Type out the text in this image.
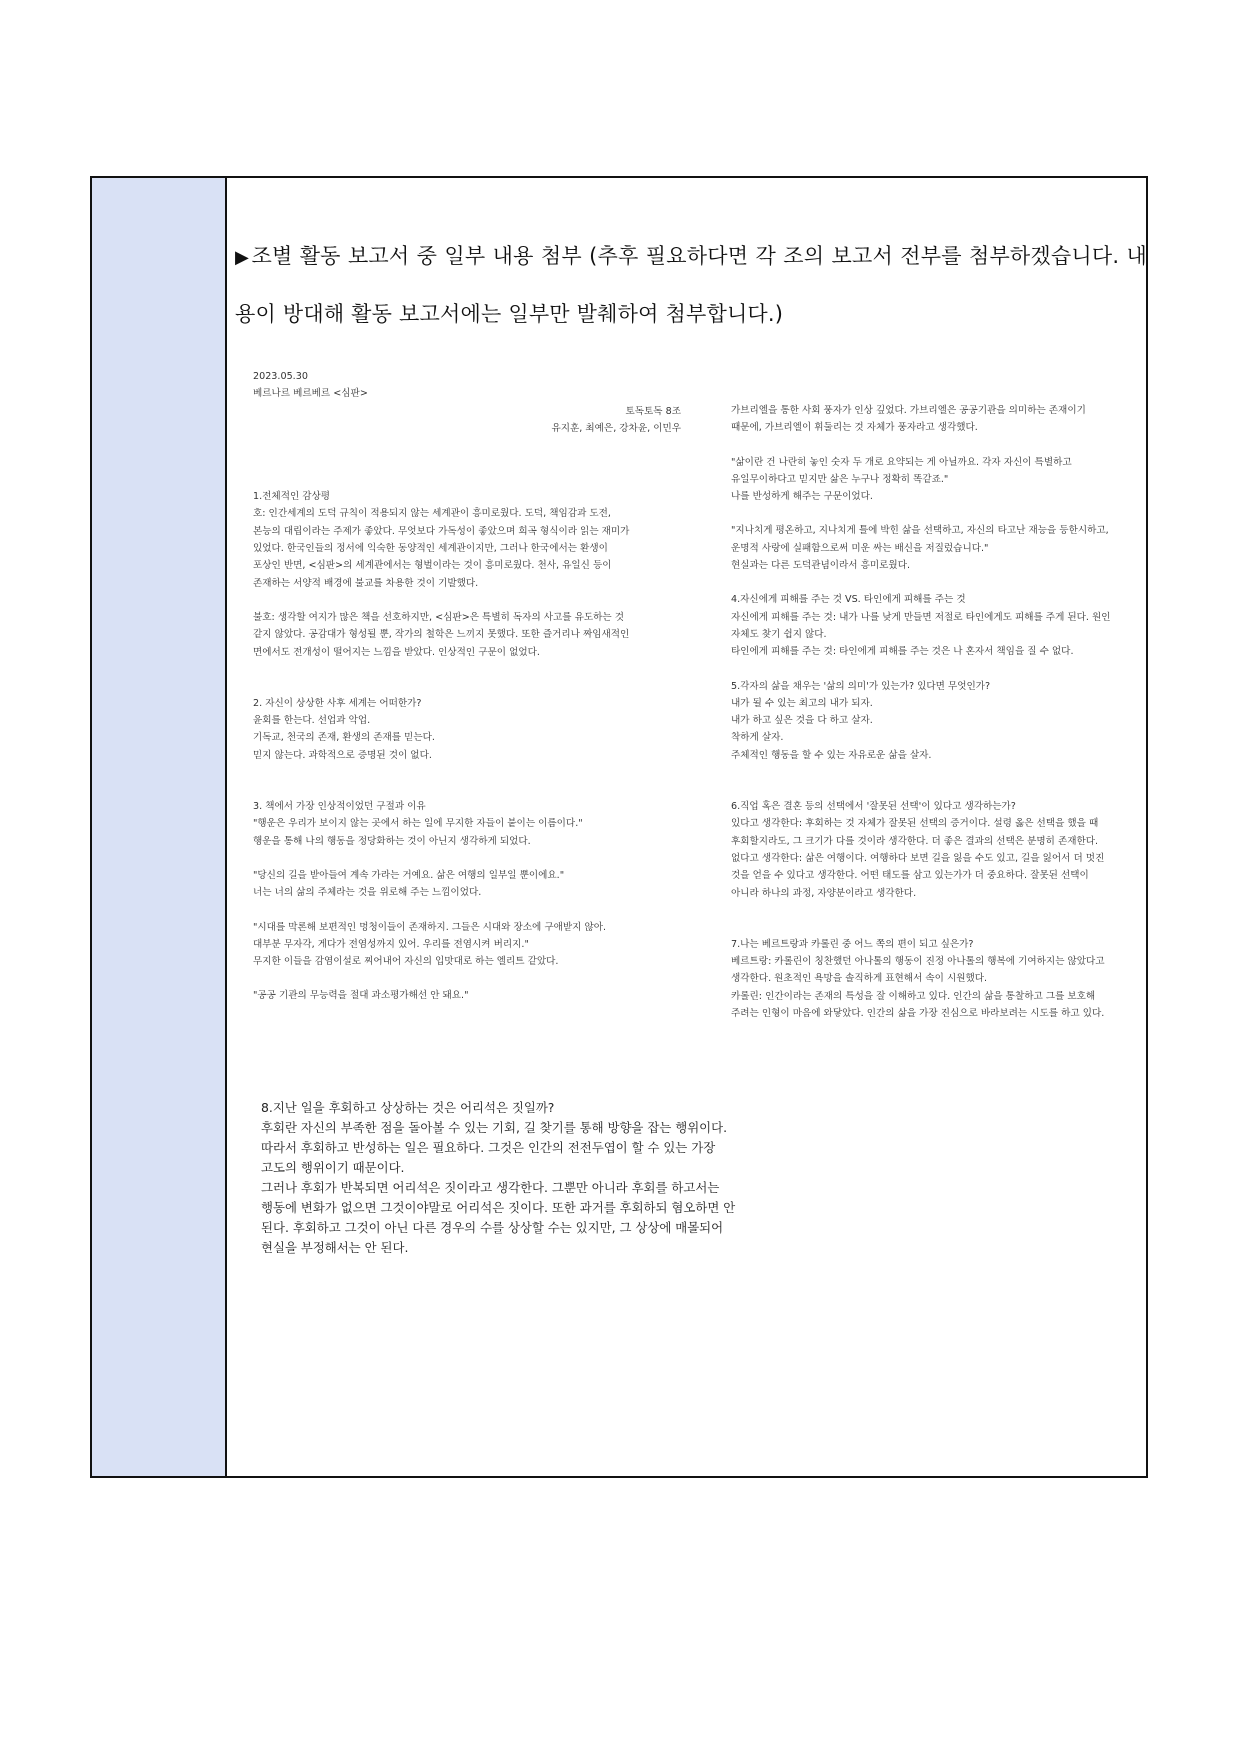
▶조별 활동 보고서 중 일부 내용 첨부 (추후 필요하다면 각 조의 보고서 전부를 첨부하겠습니다. 내용이 방대해 활동 보고서에는 일부만 발췌하여 첨부합니다.)

2023.05.30

베르나르 베르베르 <심판>

토독토독 8조

유지훈, 최예은, 강차윤, 이민우

1.전체적인 감상평
호: 인간세계의 도덕 규칙이 적용되지 않는 세계관이 흥미로웠다. 도덕, 책임감과 도전,
본능의 대립이라는 주제가 좋았다. 무엇보다 가독성이 좋았으며 희곡 형식이라 읽는 재미가
있었다. 한국인들의 정서에 익숙한 동양적인 세계관이지만, 그러나 한국에서는 환생이
포상인 반면, <심판>의 세계관에서는 형벌이라는 것이 흥미로웠다. 천사, 유일신 등이
존재하는 서양적 배경에 불교를 차용한 것이 기발했다.

불호: 생각할 여지가 많은 책을 선호하지만, <심판>은 특별히 독자의 사고를 유도하는 것
같지 않았다. 공감대가 형성될 뿐, 작가의 철학은 느끼지 못했다. 또한 즐거리나 짜임새적인
면에서도 전개성이 떨어지는 느낌을 받았다. 인상적인 구문이 없었다.

2. 자신이 상상한 사후 세계는 어떠한가?
윤회를 한는다. 선업과 악업.
기독교, 천국의 존재, 환생의 존재를 믿는다.
믿지 않는다. 과학적으로 증명된 것이 없다.

3. 책에서 가장 인상적이었던 구절과 이유
"행운은 우리가 보이지 않는 곳에서 하는 일에 무지한 자들이 붙이는 이름이다."
행운을 통해 나의 행동을 정당화하는 것이 아닌지 생각하게 되었다.

"당신의 길을 받아들여 계속 가라는 거예요. 삶은 여행의 일부일 뿐이에요."
너는 너의 삶의 주체라는 것을 위로해 주는 느낌이었다.

"시대를 막론해 보편적인 멍청이들이 존재하지. 그들은 시대와 장소에 구애받지 않아.
대부분 무자각, 게다가 전염성까지 있어. 우리를 전염시켜 버리지."
무지한 이들을 감염이설로 찌어내어 자신의 입맛대로 하는 엘리트 같았다.

"공공 기관의 무능력을 절대 과소평가해선 안 돼요."

가브리엘을 통한 사회 풍자가 인상 깊었다. 가브리엘은 공공기관을 의미하는 존재이기
때문에, 가브리엘이 휘둘리는 것 자체가 풍자라고 생각했다.

"삶이란 건 나란히 놓인 숫자 두 개로 요약되는 게 아닐까요. 각자 자신이 특별하고
유일무이하다고 믿지만 삶은 누구나 정확히 똑같죠."
나를 반성하게 해주는 구문이었다.

"지나치게 평온하고, 지나치게 틀에 박힌 삶을 선택하고, 자신의 타고난 재능을 등한시하고,
운명적 사랑에 실패함으로써 미운 싸는 배신을 저질렀습니다."
현실과는 다른 도덕관념이라서 흥미로웠다.

4.자신에게 피해를 주는 것 VS. 타인에게 피해를 주는 것
자신에게 피해를 주는 것: 내가 나를 낮게 만들면 저절로 타인에게도 피해를 주게 된다. 원인
자체도 찾기 쉽지 않다.
타인에게 피해를 주는 것: 타인에게 피해를 주는 것은 나 혼자서 책임을 질 수 없다.

5.각자의 삶을 채우는 '삶의 의미'가 있는가? 있다면 무엇인가?
내가 될 수 있는 최고의 내가 되자.
내가 하고 싶은 것을 다 하고 살자.
착하게 살자.
주체적인 행동을 할 수 있는 자유로운 삶을 살자.

6.직업 혹은 결혼 등의 선택에서 '잘못된 선택'이 있다고 생각하는가?
있다고 생각한다: 후회하는 것 자체가 잘못된 선택의 증거이다. 설령 옳은 선택을 했을 때
후회할지라도, 그 크기가 다를 것이라 생각한다. 더 좋은 결과의 선택은 분명히 존재한다.
없다고 생각한다: 삶은 여행이다. 여행하다 보면 길을 잃을 수도 있고, 길을 잃어서 더 멋진
것을 얻을 수 있다고 생각한다. 어떤 태도를 삼고 있는가가 더 중요하다. 잘못된 선택이
아니라 하나의 과정, 자양분이라고 생각한다.

7.나는 베르트랑과 카롤린 중 어느 쪽의 편이 되고 싶은가?
베르트랑: 카롤린이 칭찬했던 아나톨의 행동이 진정 아나톨의 행복에 기여하지는 않았다고
생각한다. 원초적인 욕망을 솔직하게 표현해서 속이 시원했다.
카롤린: 인간이라는 존재의 특성을 잘 이해하고 있다. 인간의 삶을 통찰하고 그를 보호해
주려는 인형이 마음에 와닿았다. 인간의 삶을 가장 진심으로 바라보려는 시도를 하고 있다.

8.지난 일을 후회하고 상상하는 것은 어리석은 짓일까?
후회란 자신의 부족한 점을 돌아볼 수 있는 기회, 길 찾기를 통해 방향을 잡는 행위이다.
따라서 후회하고 반성하는 일은 필요하다. 그것은 인간의 전전두엽이 할 수 있는 가장
고도의 행위이기 때문이다.
그러나 후회가 반복되면 어리석은 짓이라고 생각한다. 그뿐만 아니라 후회를 하고서는
행동에 변화가 없으면 그것이야말로 어리석은 짓이다. 또한 과거를 후회하되 혐오하면 안
된다. 후회하고 그것이 아닌 다른 경우의 수를 상상할 수는 있지만, 그 상상에 매몰되어
현실을 부정해서는 안 된다.
